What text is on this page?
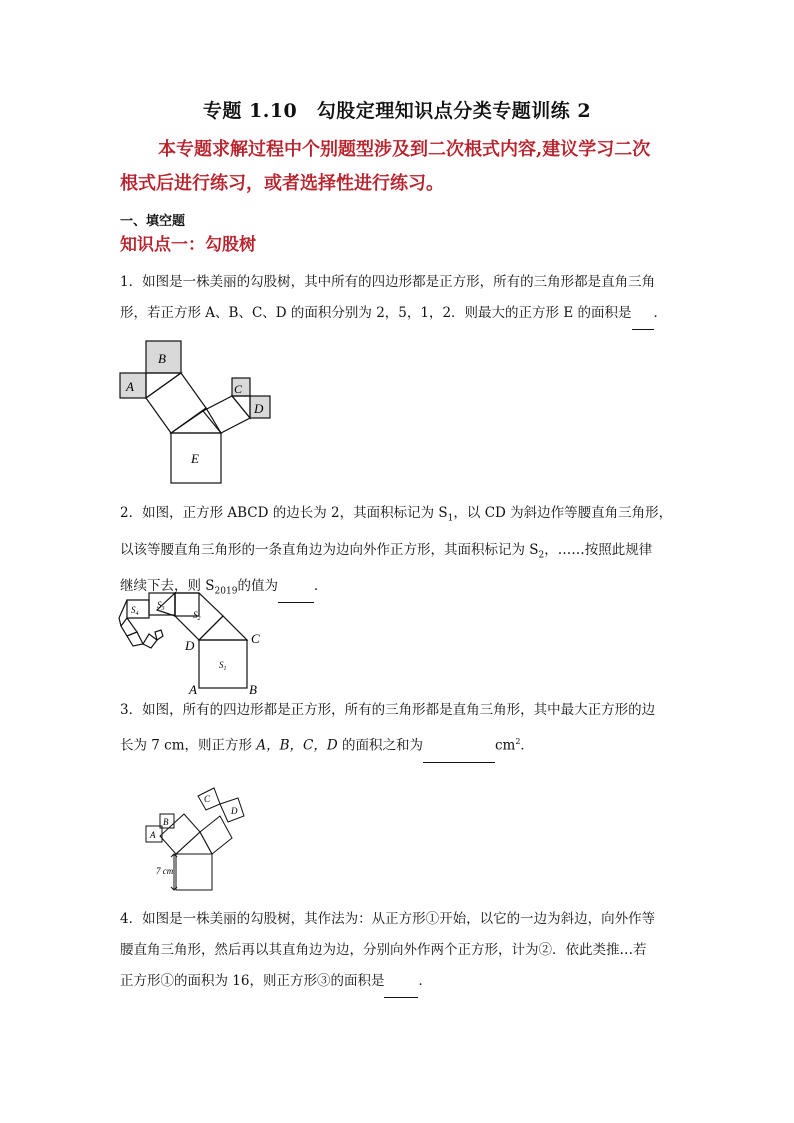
专题 1.10　勾股定理知识点分类专题训练 2
本专题求解过程中个别题型涉及到二次根式内容,建议学习二次
根式后进行练习，或者选择性进行练习。
一、填空题
知识点一：勾股树

1．如图是一株美丽的勾股树，其中所有的四边形都是正方形，所有的三角形都是直角三角

形，若正方形 A、B、C、D 的面积分别为 2，5，1，2．则最大的正方形 E 的面积是 ．

B
A	C
D
E

2．如图，正方形 ABCD 的边长为 2，其面积标记为 $S_1$，以 CD 为斜边作等腰直角三角形，

以该等腰直角三角形的一条直角边为边向外作正方形，其面积标记为 $S_2$，……按照此规律

继续下去，则 $S_{2019}$的值为	．

$S_3$
$S_4$	$S_2$
$S_1$
C
D
A	B

3．如图，所有的四边形都是正方形，所有的三角形都是直角三角形，其中最大正方形的边

长为 7 cm，则正方形 A，B，C，D 的面积之和为	$cm^2$．

A
B
C
D
7 cm

4．如图是一株美丽的勾股树，其作法为：从正方形①开始，以它的一边为斜边，向外作等

腰直角三角形，然后再以其直角边为边，分别向外作两个正方形，计为②．依此类推…若

正方形①的面积为 16，则正方形③的面积是	．
